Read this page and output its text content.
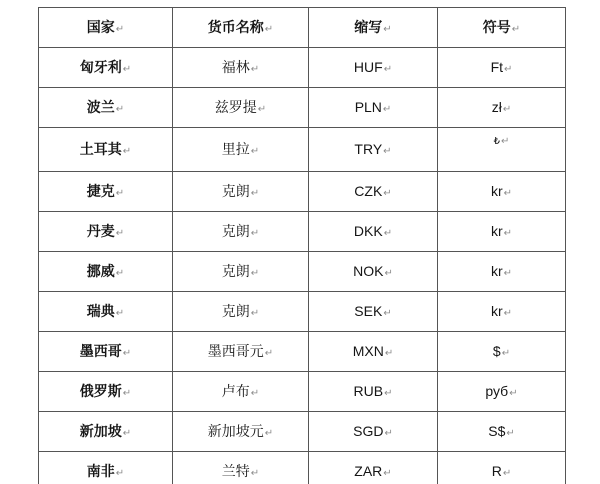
国家↵	货币名称↵	缩写↵	符号↵
匈牙利↵	福林↵	HUF↵	Ft↵
波兰↵	兹罗提↵	PLN↵	zł↵
土耳其↵	里拉↵	TRY↵	₺↵
捷克↵	克朗↵	CZK↵	kr↵
丹麦↵	克朗↵	DKK↵	kr↵
挪威↵	克朗↵	NOK↵	kr↵
瑞典↵	克朗↵	SEK↵	kr↵
墨西哥↵	墨西哥元↵	MXN↵	$↵
俄罗斯↵	卢布↵	RUB↵	руб↵
新加坡↵	新加坡元↵	SGD↵	S$↵
南非↵	兰特↵	ZAR↵	R↵
